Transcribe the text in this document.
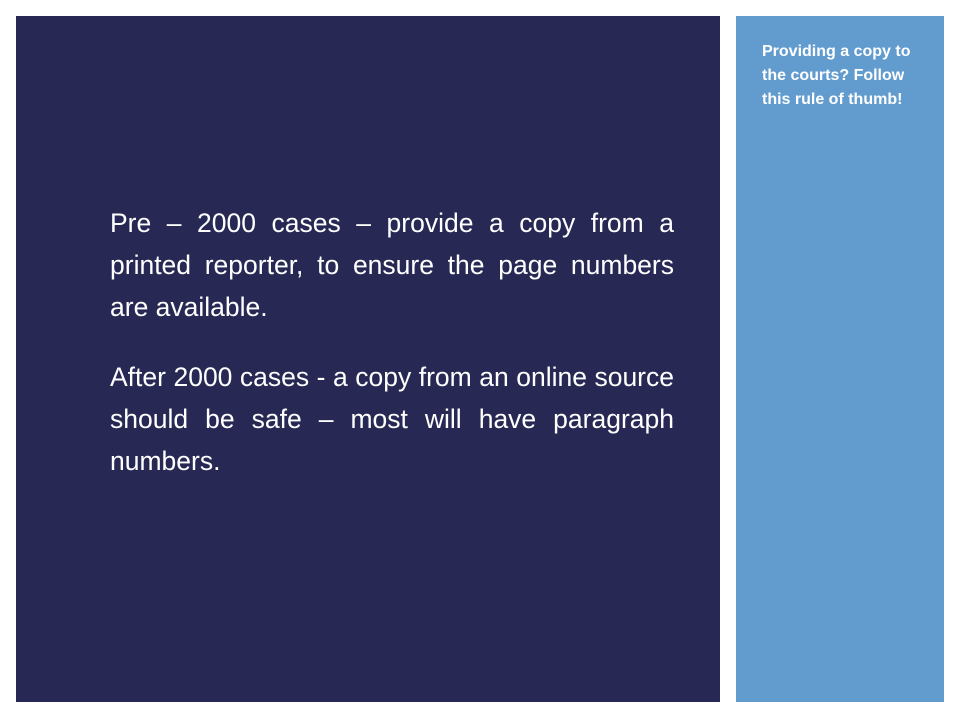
Pre – 2000 cases – provide a copy from a printed reporter, to ensure the page numbers are available.

After 2000 cases - a copy from an online source should be safe – most will have paragraph numbers.

Providing a copy to the courts? Follow this rule of thumb!
